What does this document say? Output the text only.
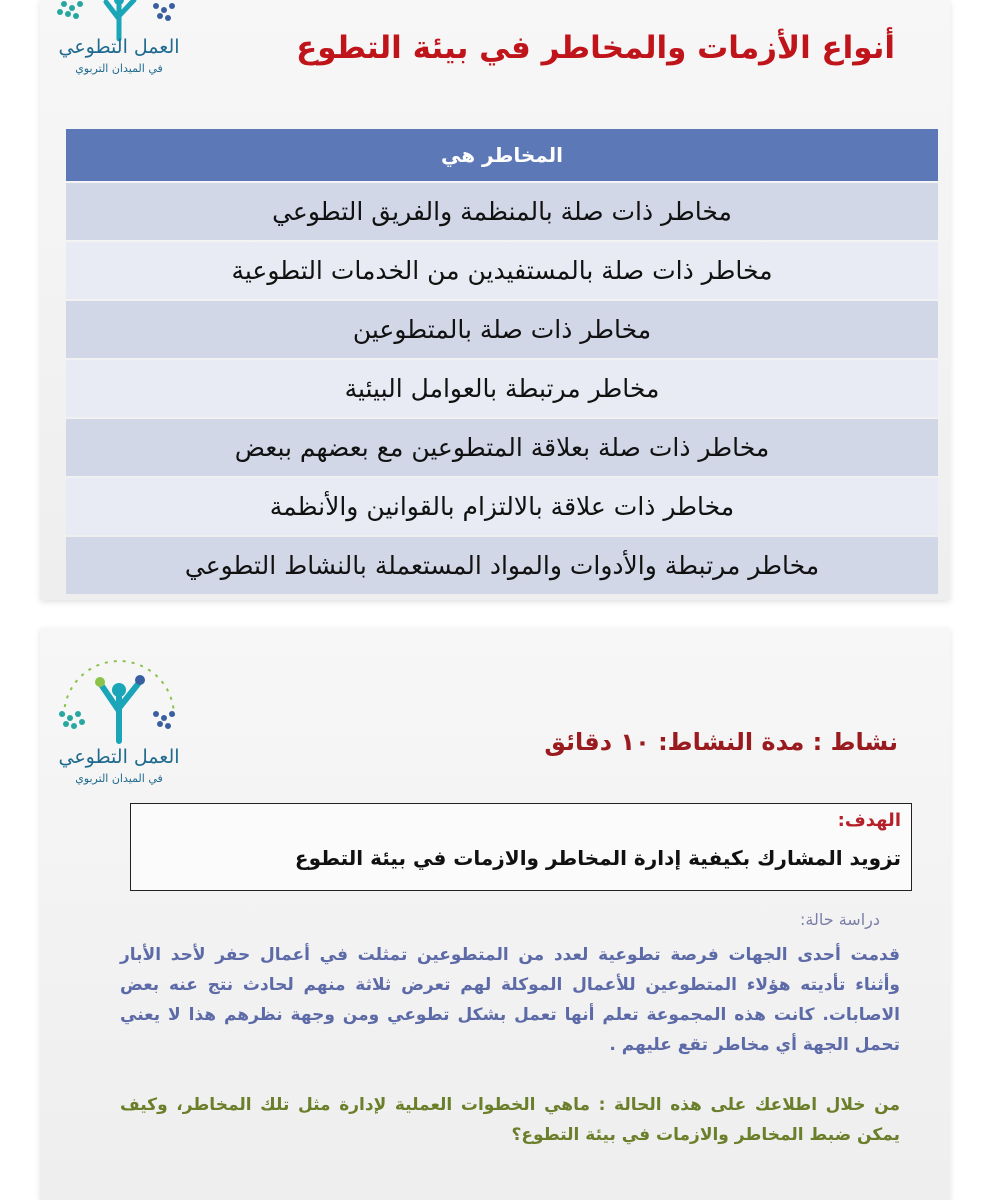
العمل التطوعي
في الميدان التربوي
أنواع الأزمات والمخاطر في بيئة التطوع
المخاطر هي
مخاطر ذات صلة بالمنظمة والفريق التطوعي
مخاطر ذات صلة بالمستفيدين من الخدمات التطوعية
مخاطر ذات صلة بالمتطوعين
مخاطر مرتبطة بالعوامل البيئية
مخاطر ذات صلة بعلاقة المتطوعين مع بعضهم ببعض
مخاطر ذات علاقة بالالتزام بالقوانين والأنظمة
مخاطر مرتبطة والأدوات والمواد المستعملة بالنشاط التطوعي
العمل التطوعي
في الميدان التربوي
نشاط : مدة النشاط: ١٠ دقائق
الهدف:
تزويد المشارك بكيفية إدارة المخاطر والازمات في بيئة التطوع
دراسة حالة:
قدمت أحدى الجهات فرصة تطوعية لعدد من المتطوعين تمثلت في أعمال حفر لأحد الأبار وأثناء تأديته هؤلاء المتطوعين للأعمال الموكلة لهم تعرض ثلاثة منهم لحادث نتج عنه بعض الاصابات. كانت هذه المجموعة تعلم أنها تعمل بشكل تطوعي ومن وجهة نظرهم هذا لا يعني تحمل الجهة أي مخاطر تقع عليهم .
من خلال اطلاعك على هذه الحالة : ماهي الخطوات العملية لإدارة مثل تلك المخاطر، وكيف يمكن ضبط المخاطر والازمات في بيئة التطوع؟
